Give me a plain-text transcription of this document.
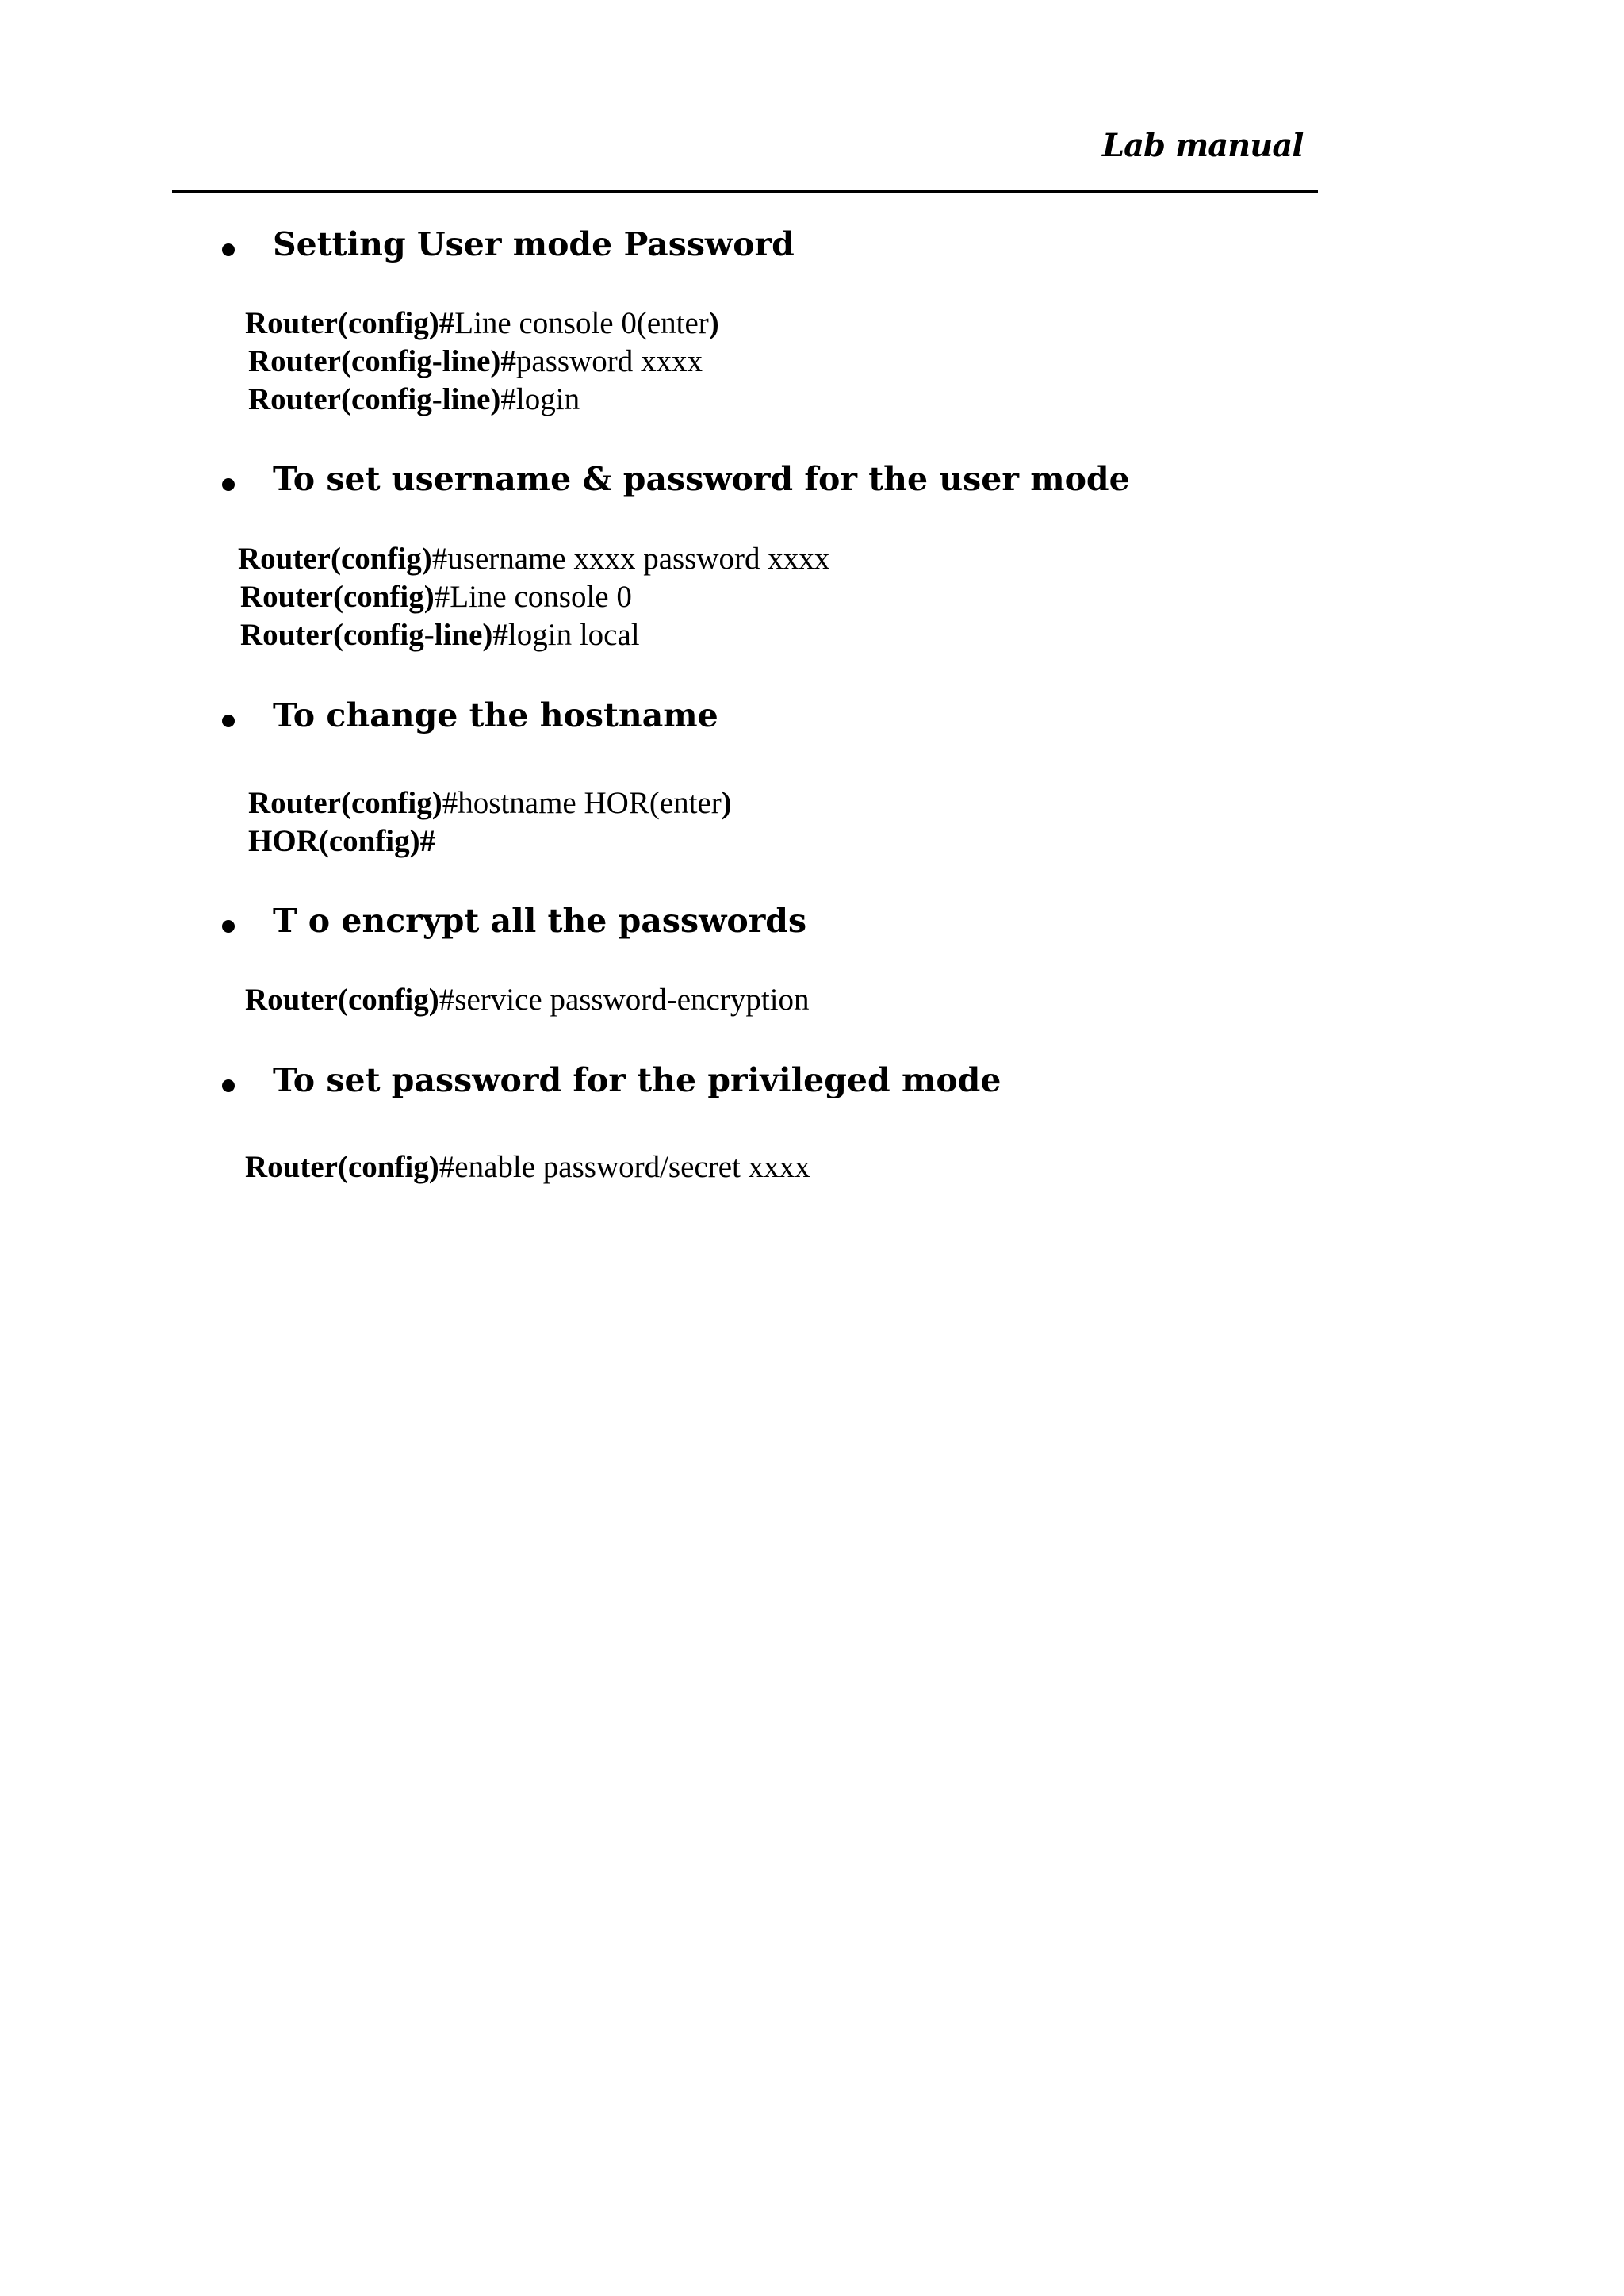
Lab manual
Setting User mode Password
Router(config)#Line console 0(enter)
Router(config-line)#password xxxx
Router(config-line)#login
To set username & password for the user mode
Router(config)#username xxxx password xxxx
Router(config)#Line console 0
Router(config-line)#login local
To change the hostname
Router(config)#hostname HOR(enter)
HOR(config)#
T o encrypt all the passwords
Router(config)#service password-encryption
To set password for the privileged mode
Router(config)#enable password/secret xxxx
